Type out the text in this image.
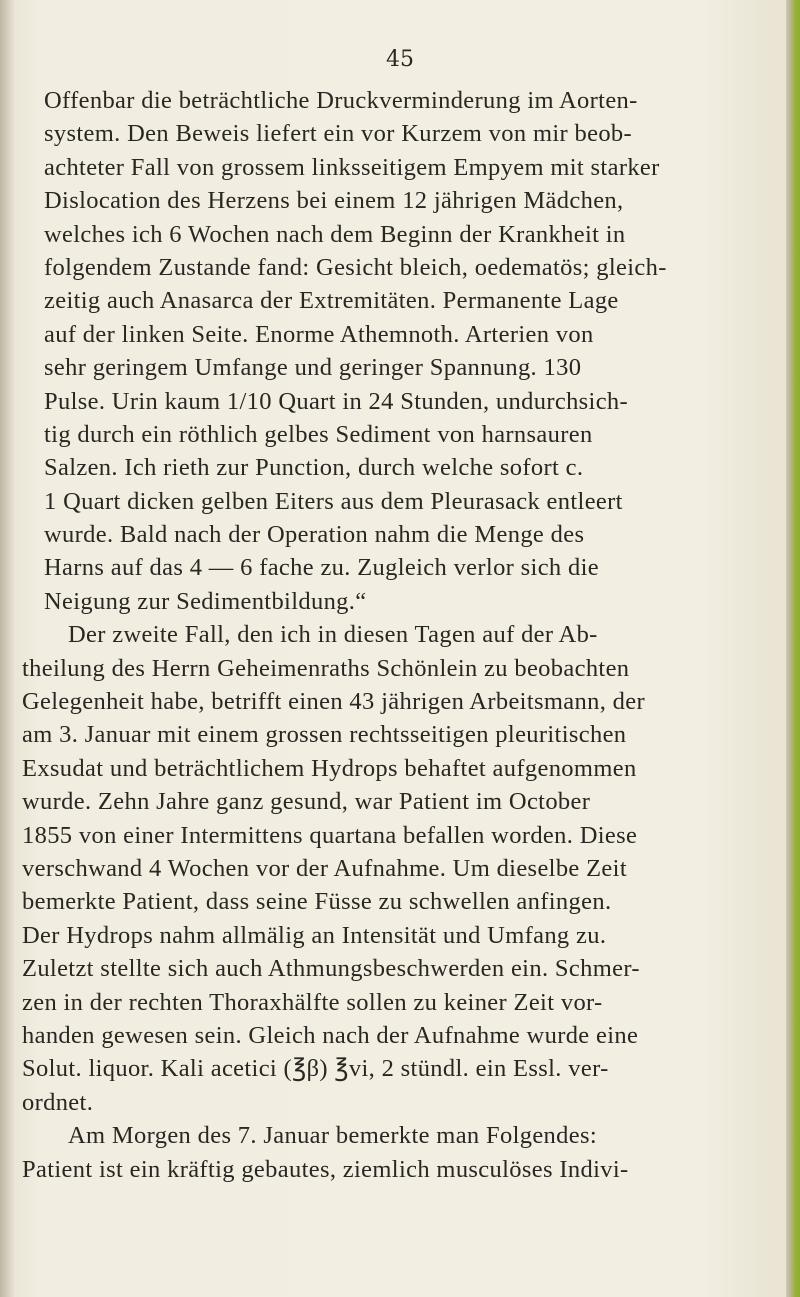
45
Offenbar die beträchtliche Druckverminderung im Aorten-
system. Den Beweis liefert ein vor Kurzem von mir beob-
achteter Fall von grossem linksseitigem Empyem mit starker
Dislocation des Herzens bei einem 12 jährigen Mädchen,
welches ich 6 Wochen nach dem Beginn der Krankheit in
folgendem Zustande fand: Gesicht bleich, oedematös; gleich-
zeitig auch Anasarca der Extremitäten. Permanente Lage
auf der linken Seite. Enorme Athemnoth. Arterien von
sehr geringem Umfange und geringer Spannung. 130
Pulse. Urin kaum 1/10 Quart in 24 Stunden, undurchsich-
tig durch ein röthlich gelbes Sediment von harnsauren
Salzen. Ich rieth zur Punction, durch welche sofort c.
1 Quart dicken gelben Eiters aus dem Pleurasack entleert
wurde. Bald nach der Operation nahm die Menge des
Harns auf das 4 — 6 fache zu. Zugleich verlor sich die
Neigung zur Sedimentbildung.“
Der zweite Fall, den ich in diesen Tagen auf der Ab-
theilung des Herrn Geheimenraths Schönlein zu beobachten
Gelegenheit habe, betrifft einen 43 jährigen Arbeitsmann, der
am 3. Januar mit einem grossen rechtsseitigen pleuritischen
Exsudat und beträchtlichem Hydrops behaftet aufgenommen
wurde. Zehn Jahre ganz gesund, war Patient im October
1855 von einer Intermittens quartana befallen worden. Diese
verschwand 4 Wochen vor der Aufnahme. Um dieselbe Zeit
bemerkte Patient, dass seine Füsse zu schwellen anfingen.
Der Hydrops nahm allmälig an Intensität und Umfang zu.
Zuletzt stellte sich auch Athmungsbeschwerden ein. Schmer-
zen in der rechten Thoraxhälfte sollen zu keiner Zeit vor-
handen gewesen sein. Gleich nach der Aufnahme wurde eine
Solut. liquor. Kali acetici (℥β) ℥vi, 2 stündl. ein Essl. ver-
ordnet.
Am Morgen des 7. Januar bemerkte man Folgendes:
Patient ist ein kräftig gebautes, ziemlich musculöses Indivi-
